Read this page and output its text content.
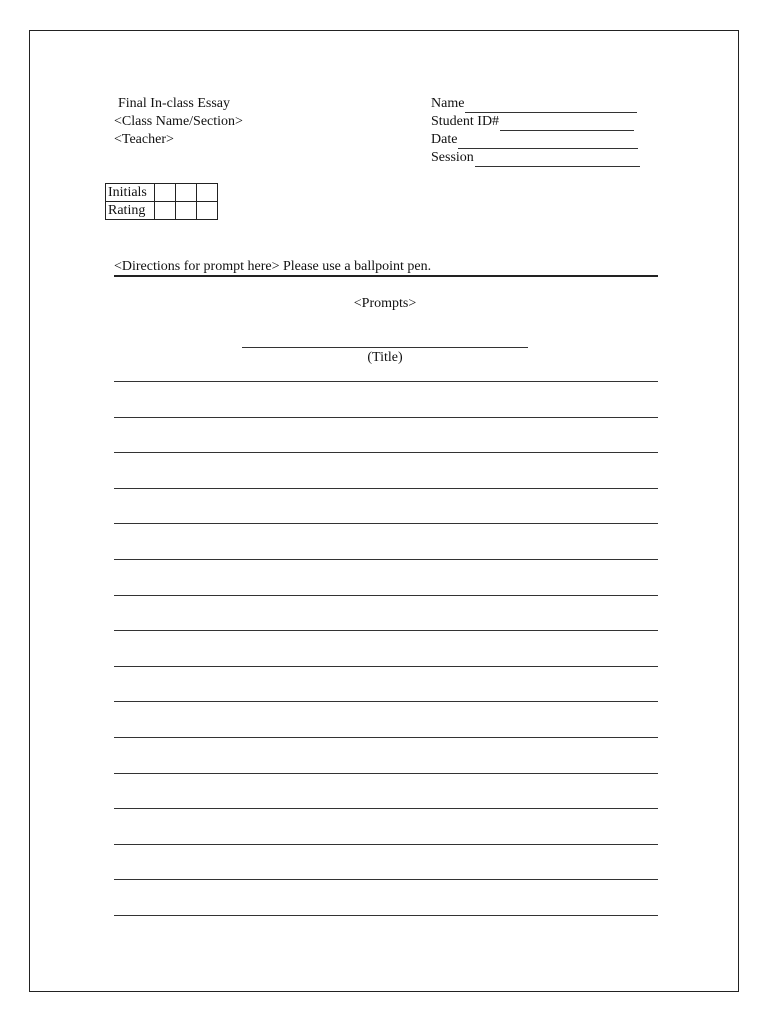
Final In-class Essay
<Class Name/Section>
<Teacher>
Name
Student ID#
Date
Session
Initials			
Rating			
<Directions for prompt here> Please use a ballpoint pen.
<Prompts>
(Title)
